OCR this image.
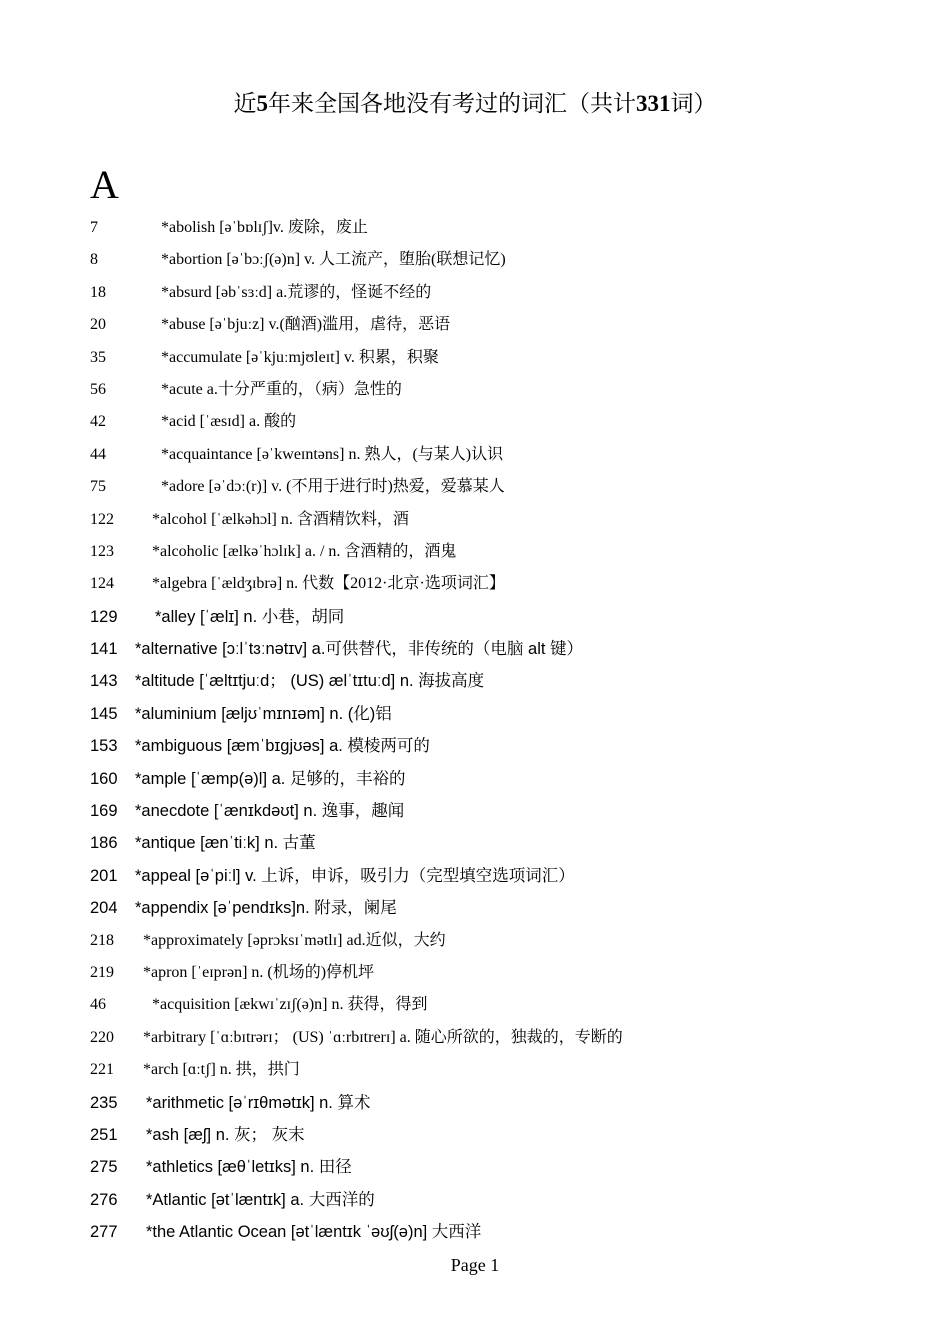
近5年来全国各地没有考过的词汇（共计331词）
A
7	*abolish [əˈbɒlɪʃ]v. 废除，废止
8	*abortion [əˈbɔːʃ(ə)n] v. 人工流产，堕胎(联想记忆)
18	*absurd [əbˈsɜːd] a.荒谬的，怪诞不经的
20	*abuse [əˈbjuːz] v.(酗酒)滥用，虐待，恶语
35	*accumulate [əˈkjuːmjʊleɪt] v. 积累，积聚
56	*acute a.十分严重的，（病）急性的
42	*acid [ˈæsɪd] a. 酸的
44	*acquaintance [əˈkweɪntəns] n. 熟人，(与某人)认识
75	*adore [əˈdɔː(r)] v. (不用于进行时)热爱，爱慕某人
122 *alcohol [ˈælkəhɔl] n. 含酒精饮料，酒
123 *alcoholic [ælkəˈhɔlɪk] a. / n. 含酒精的，酒鬼
124 *algebra [ˈældʒɪbrə] n. 代数【2012·北京·选项词汇】
129 *alley [ˈælɪ] n. 小巷，胡同
141 *alternative [ɔːlˈtɜːnətɪv] a.可供替代，非传统的（电脑 alt 键）
143 *altitude [ˈæltɪtjuːd； (US) ælˈtɪtuːd] n. 海拔高度
145 *aluminium [æljʊˈmɪnɪəm] n. (化)铝
153 *ambiguous [æmˈbɪgjʊəs] a. 模棱两可的
160 *ample [ˈæmp(ə)l] a. 足够的，丰裕的
169 *anecdote [ˈænɪkdəʊt] n. 逸事，趣闻
186 *antique [ænˈtiːk] n. 古董
201 *appeal [əˈpiːl] v. 上诉，申诉，吸引力（完型填空选项词汇）
204 *appendix [əˈpendɪks]n. 附录，阑尾
218 *approximately [əprɔksɪˈmətlɪ] ad.近似，大约
219 *apron [ˈeɪprən] n. (机场的)停机坪
46	*acquisition [ækwɪˈzɪʃ(ə)n] n. 获得，得到
220 *arbitrary [ˈɑːbɪtrərɪ； (US) ˈɑːrbɪtrerɪ] a. 随心所欲的，独裁的，专断的
221 *arch [ɑːtʃ] n. 拱，拱门
235 *arithmetic [əˈrɪθmətɪk] n. 算术
251 *ash [æʃ] n. 灰； 灰末
275 *athletics [æθˈletɪks] n. 田径
276 *Atlantic [ətˈlæntɪk] a. 大西洋的
277 *the Atlantic Ocean [ətˈlæntɪk ˈəʊʃ(ə)n] 大西洋
Page 1
